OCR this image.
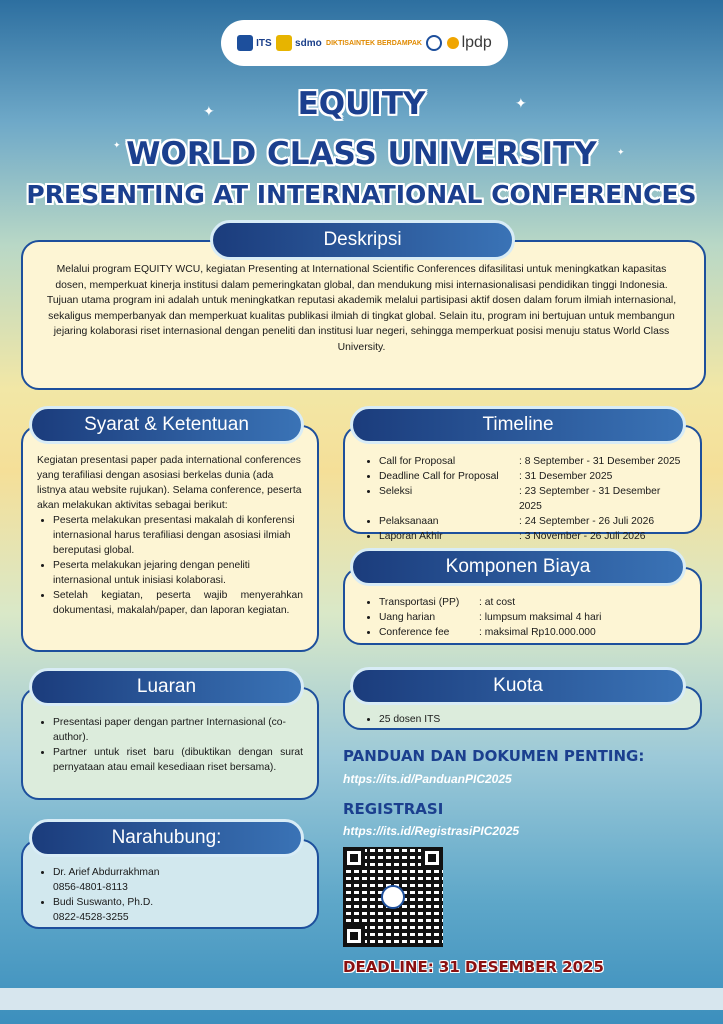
ITS sdmo DIKTISAINTEK BERDAMPAK lpdp
✦	✦
✦
✦
EQUITY
WORLD CLASS UNIVERSITY
PRESENTING AT INTERNATIONAL CONFERENCES
Deskripsi
Melalui program EQUITY WCU, kegiatan Presenting at International Scientific Conferences difasilitasi untuk meningkatkan kapasitas dosen, memperkuat kinerja institusi dalam pemeringkatan global, dan mendukung misi internasionalisasi pendidikan tinggi Indonesia. Tujuan utama program ini adalah untuk meningkatkan reputasi akademik melalui partisipasi aktif dosen dalam forum ilmiah internasional, sekaligus memperbanyak dan memperkuat kualitas publikasi ilmiah di tingkat global. Selain itu, program ini bertujuan untuk membangun jejaring kolaborasi riset internasional dengan peneliti dan institusi luar negeri, sehingga memperkuat posisi menuju status World Class University.
Kegiatan presentasi paper pada international conferences yang terafiliasi dengan asosiasi berkelas dunia (ada listnya atau website rujukan). Selama conference, peserta akan melakukan aktivitas sebagai berikut:
• Peserta melakukan presentasi makalah di konferensi internasional harus terafiliasi dengan asosiasi ilmiah bereputasi global.
• Peserta melakukan jejaring dengan peneliti internasional untuk inisiasi kolaborasi.
• Setelah kegiatan, peserta wajib menyerahkan dokumentasi, makalah/paper, dan laporan kegiatan.
Syarat & Ketentuan
• Call for Proposal	: 8 September - 31 Desember 2025
• Deadline Call for Proposal	: 31 Desember 2025
• Seleksi	: 23 September - 31 Desember 2025
• Pelaksanaan	: 24 September - 26 Juli 2026
• Laporan Akhir	: 3 November - 26 Juli 2026
Timeline
• Transportasi (PP)	: at cost
• Uang harian	: lumpsum maksimal 4 hari
• Conference fee	: maksimal Rp10.000.000
Komponen Biaya
• Presentasi paper dengan partner Internasional (co-author).
• Partner untuk riset baru (dibuktikan dengan surat pernyataan atau email kesediaan riset bersama).
Luaran
• 25 dosen ITS
Kuota
• Dr. Arief Abdurrakhman
0856-4801-8113
• Budi Suswanto, Ph.D.
0822-4528-3255
Narahubung:
PANDUAN DAN DOKUMEN PENTING:
https://its.id/PanduanPIC2025
REGISTRASI
https://its.id/RegistrasiPIC2025
DEADLINE: 31 DESEMBER 2025
